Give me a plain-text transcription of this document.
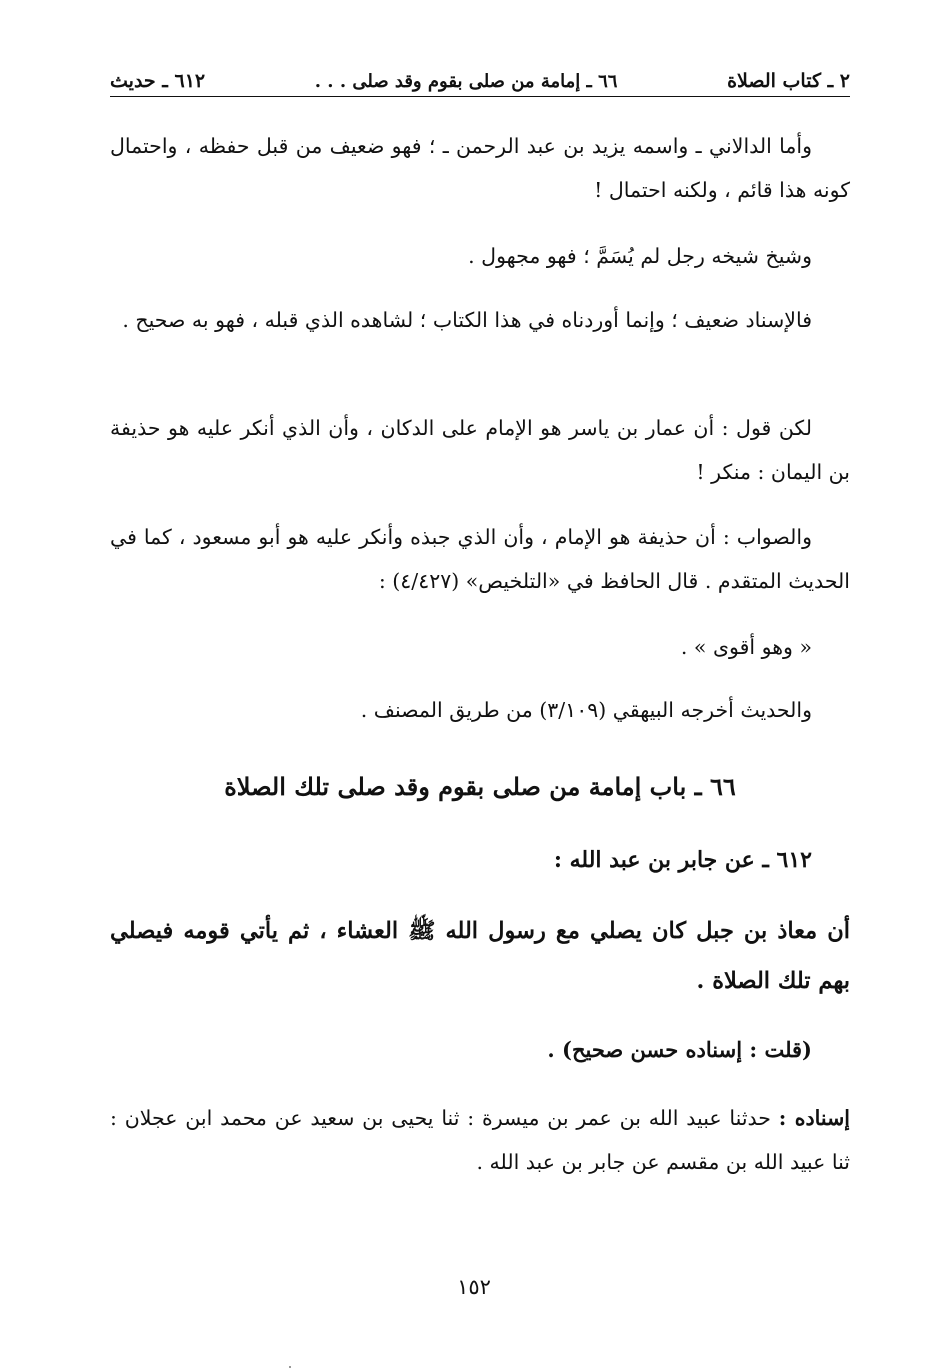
٢ ـ كتاب الصلاة
٦٦ ـ إمامة من صلى بقوم وقد صلى . . .
٦١٢ ـ حديث

وأما الدالاني ـ واسمه يزيد بن عبد الرحمن ـ ؛ فهو ضعيف من قبل حفظه ، واحتمال كونه هذا قائم ، ولكنه احتمال !

وشيخ شيخه رجل لم يُسَمَّ ؛ فهو مجهول .

فالإسناد ضعيف ؛ وإنما أوردناه في هذا الكتاب ؛ لشاهده الذي قبله ، فهو به صحيح .

لكن قول : أن عمار بن ياسر هو الإمام على الدكان ، وأن الذي أنكر عليه هو حذيفة بن اليمان : منكر !

والصواب : أن حذيفة هو الإمام ، وأن الذي جبذه وأنكر عليه هو أبو مسعود ، كما في الحديث المتقدم . قال الحافظ في «التلخيص» (٤/٤٢٧) :

« وهو أقوى » .

والحديث أخرجه البيهقي (٣/١٠٩) من طريق المصنف .

٦٦ ـ باب إمامة من صلى بقوم وقد صلى تلك الصلاة

٦١٢ ـ عن جابر بن عبد الله :

أن معاذ بن جبل كان يصلي مع رسول الله ﷺ العشاء ، ثم يأتي قومه فيصلي بهم تلك الصلاة .

(قلت : إسناده حسن صحيح) .

إسناده : حدثنا عبيد الله بن عمر بن ميسرة : ثنا يحيى بن سعيد عن محمد ابن عجلان : ثنا عبيد الله بن مقسم عن جابر بن عبد الله .

١٥٢
